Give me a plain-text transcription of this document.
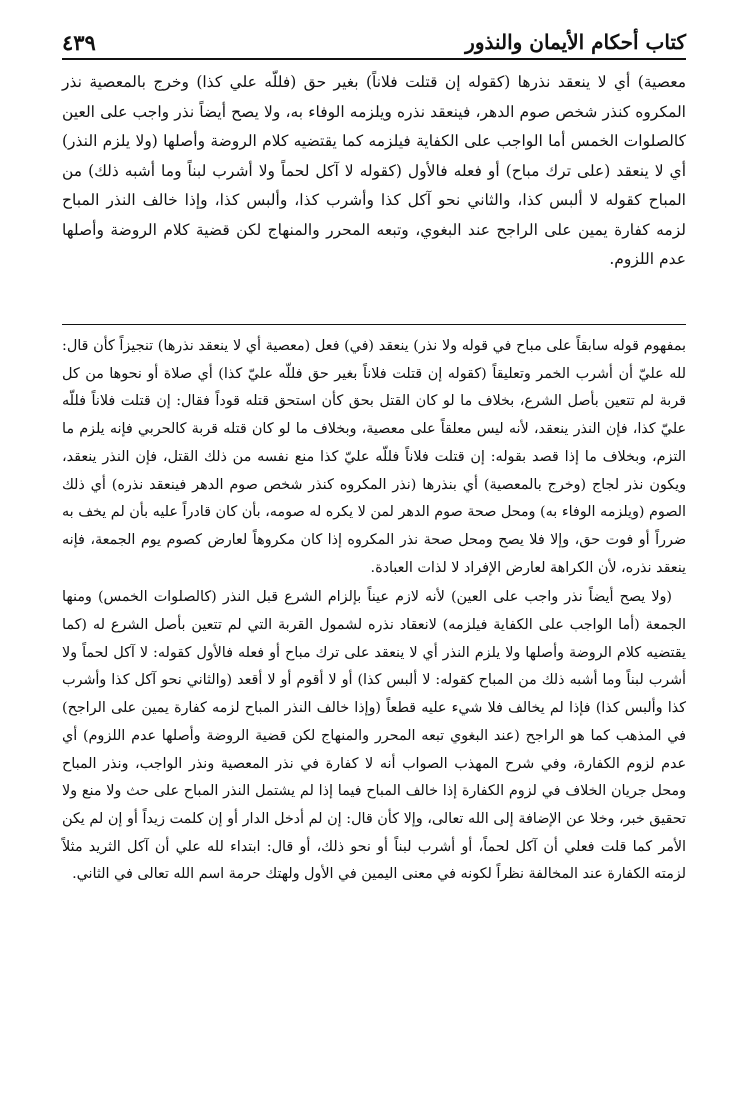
٤٣٩	كتاب أحكام الأيمان والنذور

معصية) أي لا ينعقد نذرها (كقوله إن قتلت فلاناً) بغير حق (فللّه علي كذا) وخرج بالمعصية نذر المكروه كنذر شخص صوم الدهر، فينعقد نذره ويلزمه الوفاء به، ولا يصح أيضاً نذر واجب على العين كالصلوات الخمس أما الواجب على الكفاية فيلزمه كما يقتضيه كلام الروضة وأصلها (ولا يلزم النذر) أي لا ينعقد (على ترك مباح) أو فعله فالأول (كقوله لا آكل لحماً ولا أشرب لبناً وما أشبه ذلك) من المباح كقوله لا ألبس كذا، والثاني نحو آكل كذا وأشرب كذا، وألبس كذا، وإذا خالف النذر المباح لزمه كفارة يمين على الراجح عند البغوي، وتبعه المحرر والمنهاج لكن قضية كلام الروضة وأصلها عدم اللزوم.

بمفهوم قوله سابقاً على مباح في قوله ولا نذر) ينعقد (في) فعل (معصية أي لا ينعقد نذرها) تنجيزاً كأن قال: لله عليّ أن أشرب الخمر وتعليقاً (كقوله إن قتلت فلاناً بغير حق فللّه عليّ كذا) أي صلاة أو نحوها من كل قربة لم تتعين بأصل الشرع، بخلاف ما لو كان القتل بحق كأن استحق قتله قوداً فقال: إن قتلت فلاناً فللّه عليّ كذا، فإن النذر ينعقد، لأنه ليس معلقاً على معصية، وبخلاف ما لو كان قتله قربة كالحربي فإنه يلزم ما التزم، وبخلاف ما إذا قصد بقوله: إن قتلت فلاناً فللّه عليّ كذا منع نفسه من ذلك القتل، فإن النذر ينعقد، ويكون نذر لجاج (وخرج بالمعصية) أي بنذرها (نذر المكروه كنذر شخص صوم الدهر فينعقد نذره) أي ذلك الصوم (ويلزمه الوفاء به) ومحل صحة صوم الدهر لمن لا يكره له صومه، بأن كان قادراً عليه بأن لم يخف به ضرراً أو فوت حق، وإلا فلا يصح ومحل صحة نذر المكروه إذا كان مكروهاً لعارض كصوم يوم الجمعة، فإنه ينعقد نذره، لأن الكراهة لعارض الإفراد لا لذات العبادة.

(ولا يصح أيضاً نذر واجب على العين) لأنه لازم عيناً بإلزام الشرع قبل النذر (كالصلوات الخمس) ومنها الجمعة (أما الواجب على الكفاية فيلزمه) لانعقاد نذره لشمول القربة التي لم تتعين بأصل الشرع له (كما يقتضيه كلام الروضة وأصلها ولا يلزم النذر أي لا ينعقد على ترك مباح أو فعله فالأول كقوله: لا آكل لحماً ولا أشرب لبناً وما أشبه ذلك من المباح كقوله: لا ألبس كذا) أو لا أقوم أو لا أقعد (والثاني نحو آكل كذا وأشرب كذا وألبس كذا) فإذا لم يخالف فلا شيء عليه قطعاً (وإذا خالف النذر المباح لزمه كفارة يمين على الراجح) في المذهب كما هو الراجح (عند البغوي تبعه المحرر والمنهاج لكن قضية الروضة وأصلها عدم اللزوم) أي عدم لزوم الكفارة، وفي شرح المهذب الصواب أنه لا كفارة في نذر المعصية ونذر الواجب، ونذر المباح ومحل جريان الخلاف في لزوم الكفارة إذا خالف المباح فيما إذا لم يشتمل النذر المباح على حث ولا منع ولا تحقيق خبر، وخلا عن الإضافة إلى الله تعالى، وإلا كأن قال: إن لم أدخل الدار أو إن كلمت زيداً أو إن لم يكن الأمر كما قلت فعلي أن آكل لحماً، أو أشرب لبناً أو نحو ذلك، أو قال: ابتداء لله علي أن آكل الثريد مثلاً لزمته الكفارة عند المخالفة نظراً لكونه في معنى اليمين في الأول ولهتك حرمة اسم الله تعالى في الثاني.
